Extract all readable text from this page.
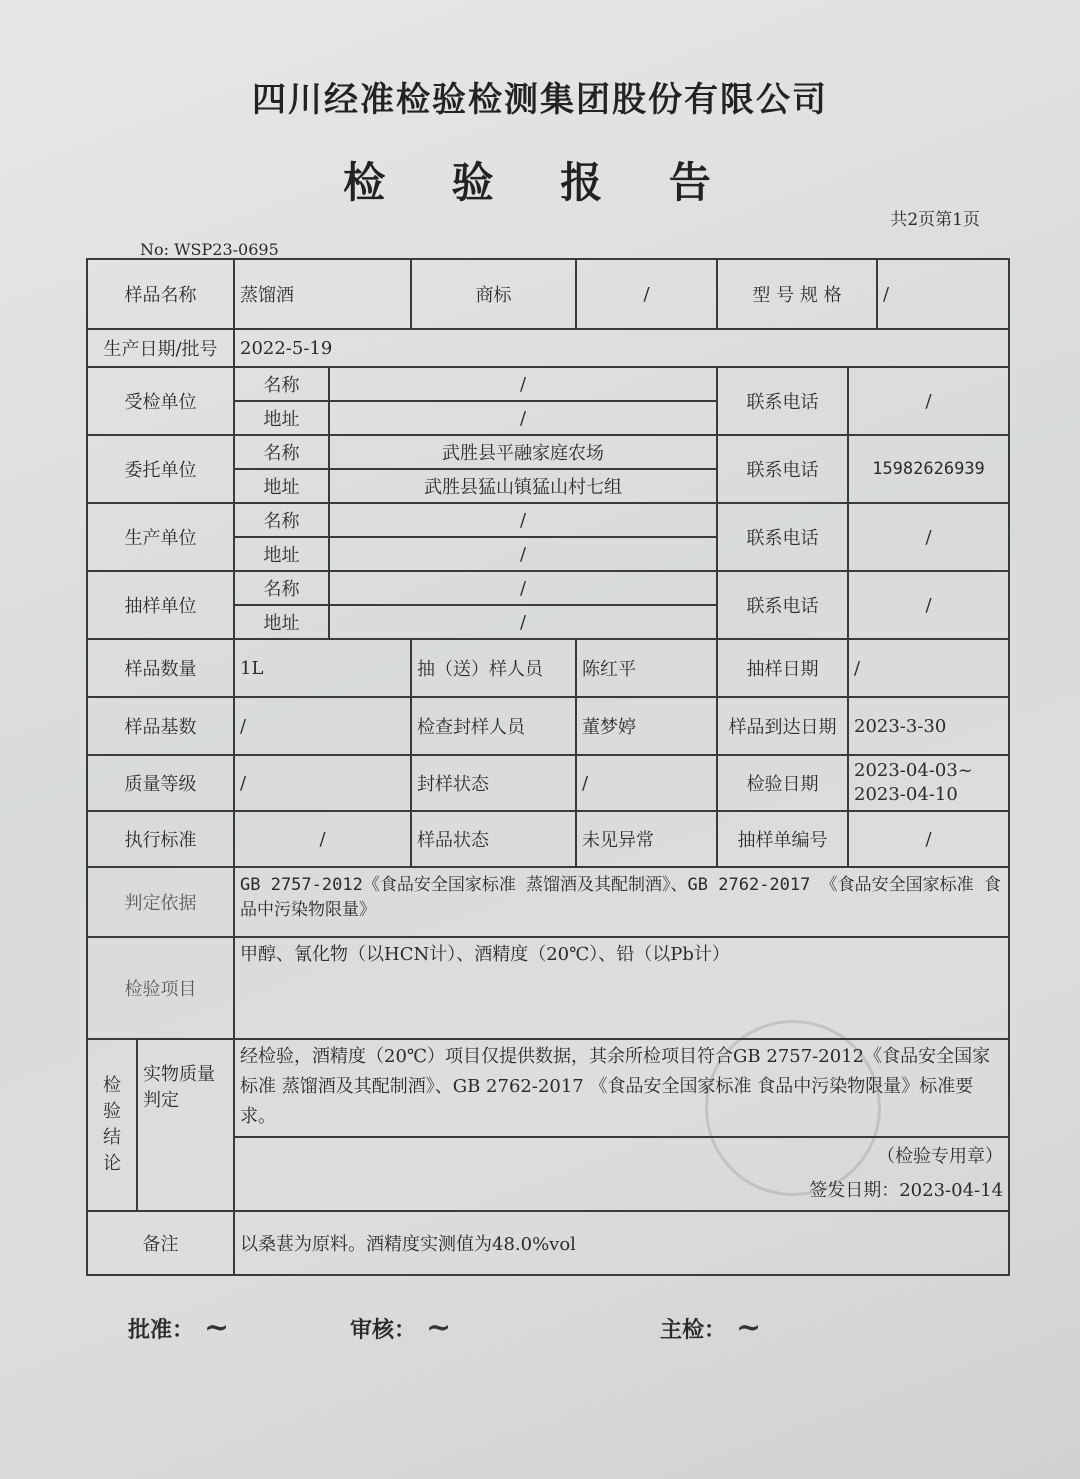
四川经准检验检测集团股份有限公司
检 验 报 告
共2页第1页
No: WSP23-0695
样品名称		蒸馏酒		商标	/	型 号 规 格		/
生产日期/批号		2022-5-19						
受检单位		名称	/			联系电话	/	
		地址	/					
委托单位		名称	武胜县平融家庭农场			联系电话	15982626939	
		地址	武胜县猛山镇猛山村七组					
生产单位		名称	/			联系电话	/	
		地址	/					
抽样单位		名称	/			联系电话	/	
		地址	/					
样品数量		1L		抽（送）样人员	陈红平	抽样日期	/	
样品基数		/		检查封样人员	董梦婷	样品到达日期	2023-3-30	
质量等级		/		封样状态	/	检验日期	2023-04-03~
2023-04-10	

执行标准		/		样品状态	未见异常	抽样单编号	/	
判定依据		GB 2757-2012《食品安全国家标准 蒸馏酒及其配制酒》、GB 2762-2017 《食品安全国家标准 食品中污染物限量》						
检验项目		甲醇、氰化物（以HCN计）、酒精度（20℃）、铅（以Pb计）						

检验结论	实物质量判定	经检验，酒精度（20℃）项目仅提供数据，其余所检项目符合GB 2757-2012《食品安全国家标准 蒸馏酒及其配制酒》、GB 2762-2017 《食品安全国家标准 食品中污染物限量》标准要求。						

		（检验专用章）
签发日期：2023-04-14						

备注		以桑葚为原料。酒精度实测值为48.0%vol						
批准： ~	审核： ~	主检： ~
